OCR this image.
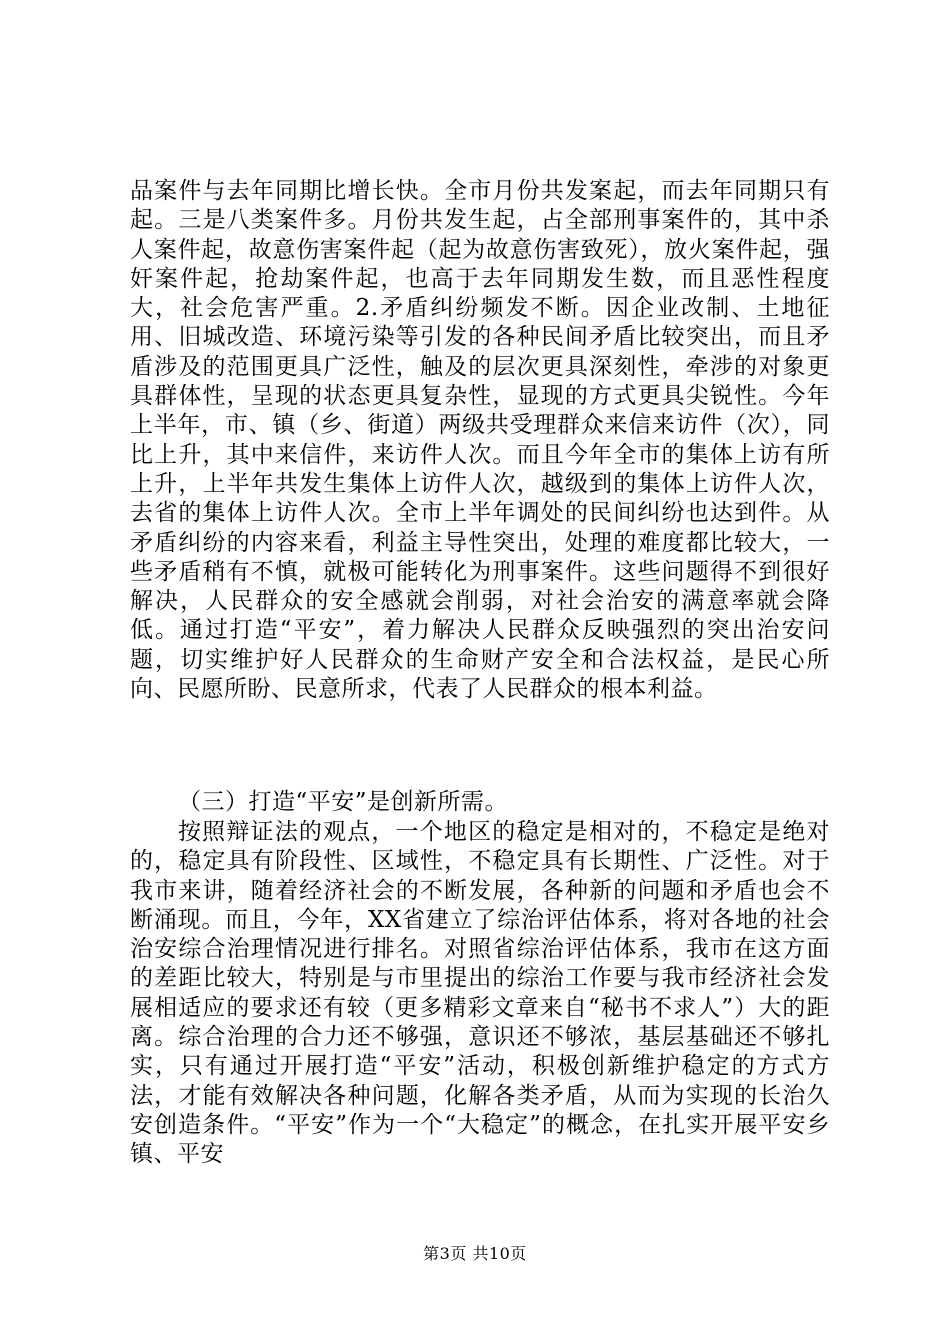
品案件与去年同期比增长快。全市月份共发案起，而去年同期只有起。三是八类案件多。月份共发生起，占全部刑事案件的，其中杀人案件起，故意伤害案件起（起为故意伤害致死），放火案件起，强奸案件起，抢劫案件起，也高于去年同期发生数，而且恶性程度大，社会危害严重。2.矛盾纠纷频发不断。因企业改制、土地征用、旧城改造、环境污染等引发的各种民间矛盾比较突出，而且矛盾涉及的范围更具广泛性，触及的层次更具深刻性，牵涉的对象更具群体性，呈现的状态更具复杂性，显现的方式更具尖锐性。今年上半年，市、镇（乡、街道）两级共受理群众来信来访件（次），同比上升，其中来信件，来访件人次。而且今年全市的集体上访有所上升，上半年共发生集体上访件人次，越级到的集体上访件人次，去省的集体上访件人次。全市上半年调处的民间纠纷也达到件。从矛盾纠纷的内容来看，利益主导性突出，处理的难度都比较大，一些矛盾稍有不慎，就极可能转化为刑事案件。这些问题得不到很好解决，人民群众的安全感就会削弱，对社会治安的满意率就会降低。通过打造“平安”，着力解决人民群众反映强烈的突出治安问题，切实维护好人民群众的生命财产安全和合法权益，是民心所向、民愿所盼、民意所求，代表了人民群众的根本利益。

（三）打造“平安”是创新所需。

按照辩证法的观点，一个地区的稳定是相对的，不稳定是绝对的，稳定具有阶段性、区域性，不稳定具有长期性、广泛性。对于我市来讲，随着经济社会的不断发展，各种新的问题和矛盾也会不断涌现。而且，今年，XX省建立了综治评估体系，将对各地的社会治安综合治理情况进行排名。对照省综治评估体系，我市在这方面的差距比较大，特别是与市里提出的综治工作要与我市经济社会发展相适应的要求还有较（更多精彩文章来自“秘书不求人”）大的距离。综合治理的合力还不够强，意识还不够浓，基层基础还不够扎实，只有通过开展打造“平安”活动，积极创新维护稳定的方式方法，才能有效解决各种问题，化解各类矛盾，从而为实现的长治久安创造条件。“平安”作为一个“大稳定”的概念，在扎实开展平安乡镇、平安

第3页 共10页
